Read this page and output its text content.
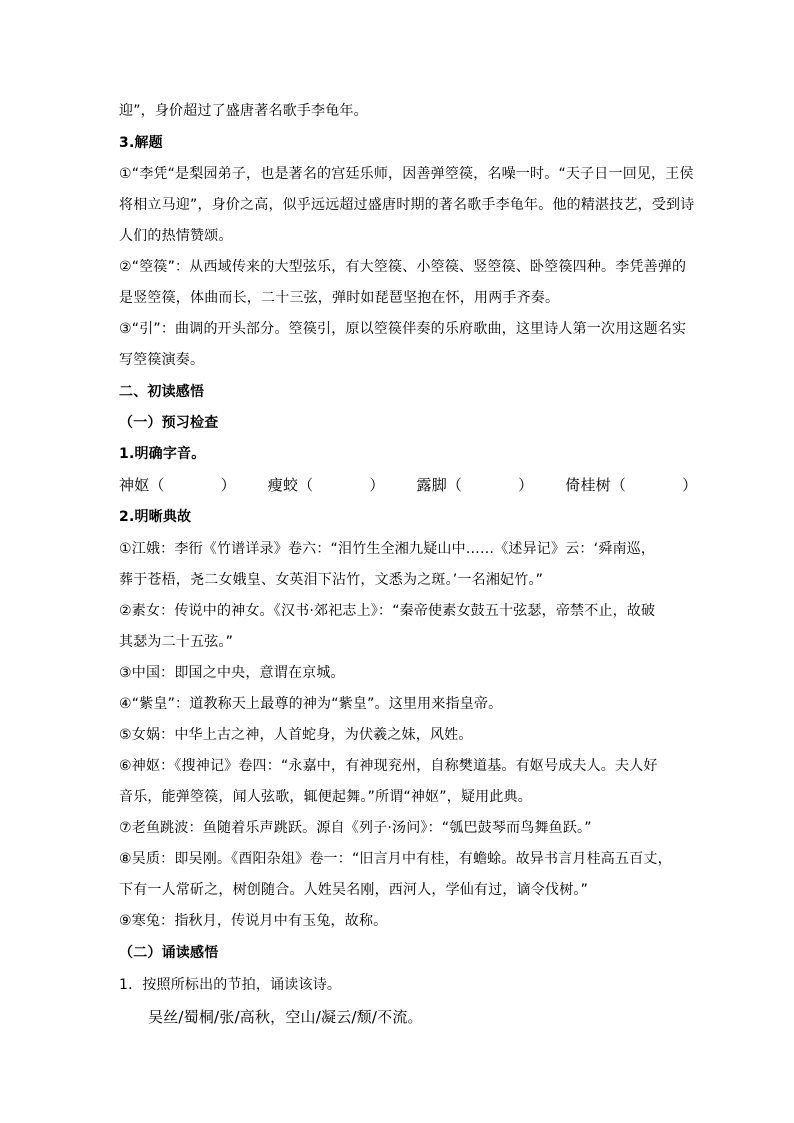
迎”，身价超过了盛唐著名歌手李龟年。
3.解题
①“李凭“是梨园弟子，也是著名的宫廷乐师，因善弹箜篌，名噪一时。“天子日一回见，王侯
将相立马迎”，身价之高，似乎远远超过盛唐时期的著名歌手李龟年。他的精湛技艺，受到诗
人们的热情赞颂。
②“箜篌”：从西域传来的大型弦乐，有大箜篌、小箜篌、竖箜篌、卧箜篌四种。李凭善弹的
是竖箜篌，体曲而长，二十三弦，弹时如琵琶坚抱在怀，用两手齐奏。
③“引”：曲调的开头部分。箜篌引，原以箜篌伴奏的乐府歌曲，这里诗人第一次用这题名实
写箜篌演奏。
二、初读感悟
（一）预习检查
1.明确字音。
神妪（	） 瘦蛟（	） 露脚（	） 倚桂树（	）
2.明晰典故
①江娥：李衎《竹谱详录》卷六：“泪竹生全湘九疑山中……《述异记》云：‘舜南巡，
葬于苍梧，尧二女娥皇、女英泪下沾竹，文悉为之斑。’一名湘妃竹。”
②素女：传说中的神女。《汉书·郊祀志上》：“秦帝使素女鼓五十弦瑟，帝禁不止，故破
其瑟为二十五弦。”
③中国：即国之中央，意谓在京城。
④“紫皇”：道教称天上最尊的神为“紫皇”。这里用来指皇帝。
⑤女娲：中华上古之神，人首蛇身，为伏羲之妹，风姓。
⑥神妪：《搜神记》卷四：“永嘉中，有神现兖州，自称樊道基。有妪号成夫人。夫人好
音乐，能弹箜篌，闻人弦歌，辄便起舞。”所谓“神妪”，疑用此典。
⑦老鱼跳波：鱼随着乐声跳跃。源自《列子·汤问》：“瓠巴鼓琴而鸟舞鱼跃。”
⑧吴质：即吴刚。《酉阳杂俎》卷一：“旧言月中有桂，有蟾蜍。故异书言月桂高五百丈，
下有一人常斫之，树创随合。人姓吴名刚，西河人，学仙有过，谪令伐树。”
⑨寒兔：指秋月，传说月中有玉兔，故称。
（二）诵读感悟
1．按照所标出的节拍，诵读该诗。
吴丝/蜀桐/张/高秋，空山/凝云/颓/不流。
